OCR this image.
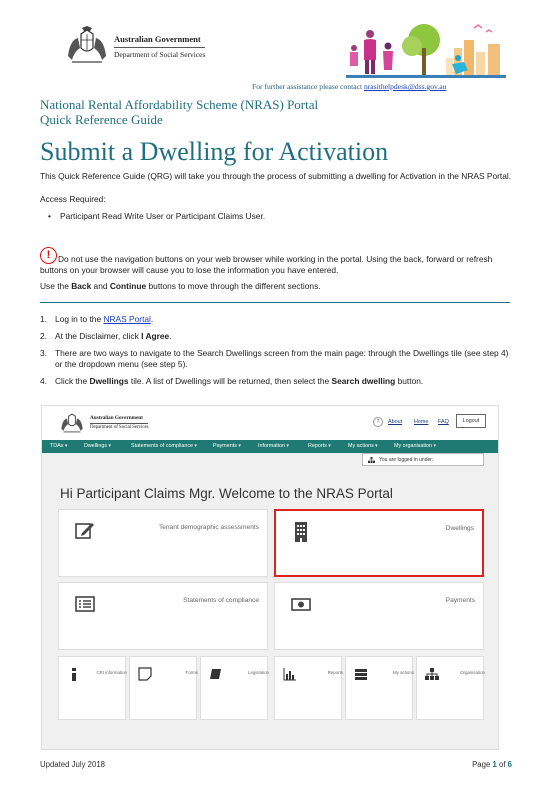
Australian Government
Department of Social Services
For further assistance please contact nrasithelpdesk@dss.gov.au
National Rental Affordability Scheme (NRAS) Portal
Quick Reference Guide
Submit a Dwelling for Activation
This Quick Reference Guide (QRG) will take you through the process of submitting a dwelling for Activation in the NRAS Portal.
Access Required:
• Participant Read Write User or Participant Claims User.
! Do not use the navigation buttons on your web browser while working in the portal. Using the back, forward or refresh buttons on your browser will cause you to lose the information you have entered.
Use the Back and Continue buttons to move through the different sections.
1. Log in to the NRAS Portal.
2. At the Disclaimer, click I Agree.
3. There are two ways to navigate to the Search Dwellings screen from the main page: through the Dwellings tile (see step 4) or the dropdown menu (see step 5).
4. Click the Dwellings tile. A list of Dwellings will be returned, then select the Search dwelling button.
Australian Government
Department of Social Services
?	About Home FAQ	Logout
TDAs ▾	Dwellings ▾	Statements of compliance ▾	Payments ▾	Information ▾	Reports ▾	My actions ▾	My organisation ▾
You are logged in under:
Hi Participant Claims Mgr. Welcome to the NRAS Portal
Tenant demographic assessments	Dwellings
Statements of compliance	Payments
CRI information	Forms	Legislation	Reports	My actions	Organisation
Updated July 2018	Page 1 of 6
